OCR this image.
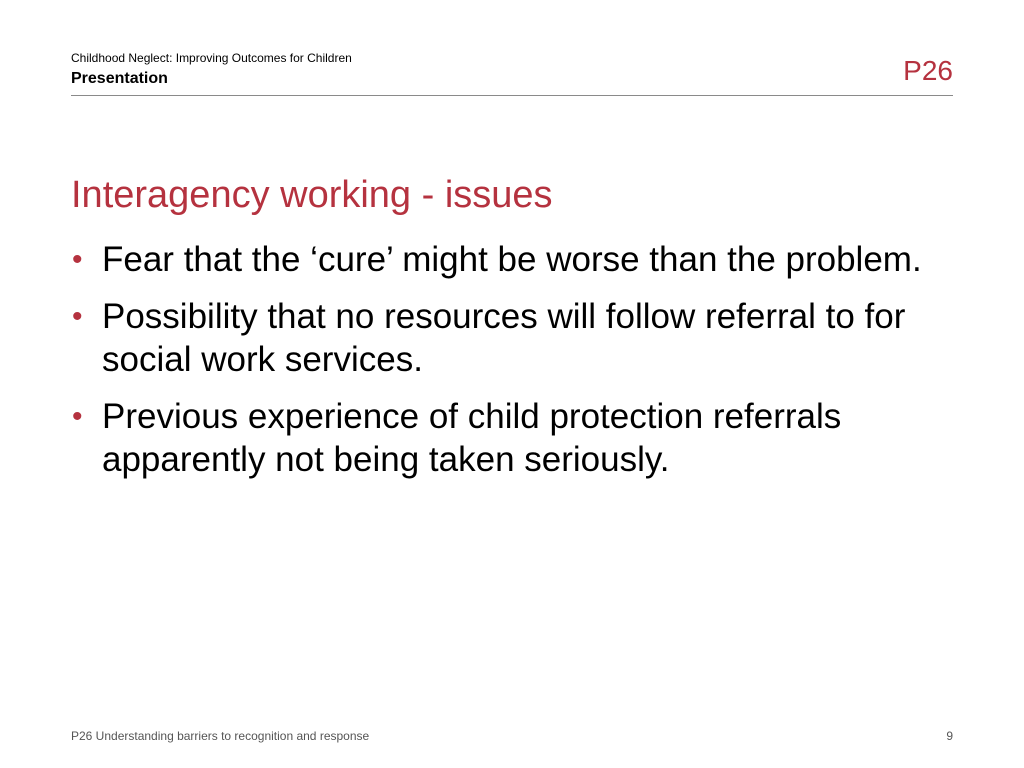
Childhood Neglect: Improving Outcomes for Children
Presentation	P26
Interagency working - issues
• Fear that the ‘cure’ might be worse than the problem.
• Possibility that no resources will follow referral to for social work services.
• Previous experience of child protection referrals apparently not being taken seriously.
P26 Understanding barriers to recognition and response	9
